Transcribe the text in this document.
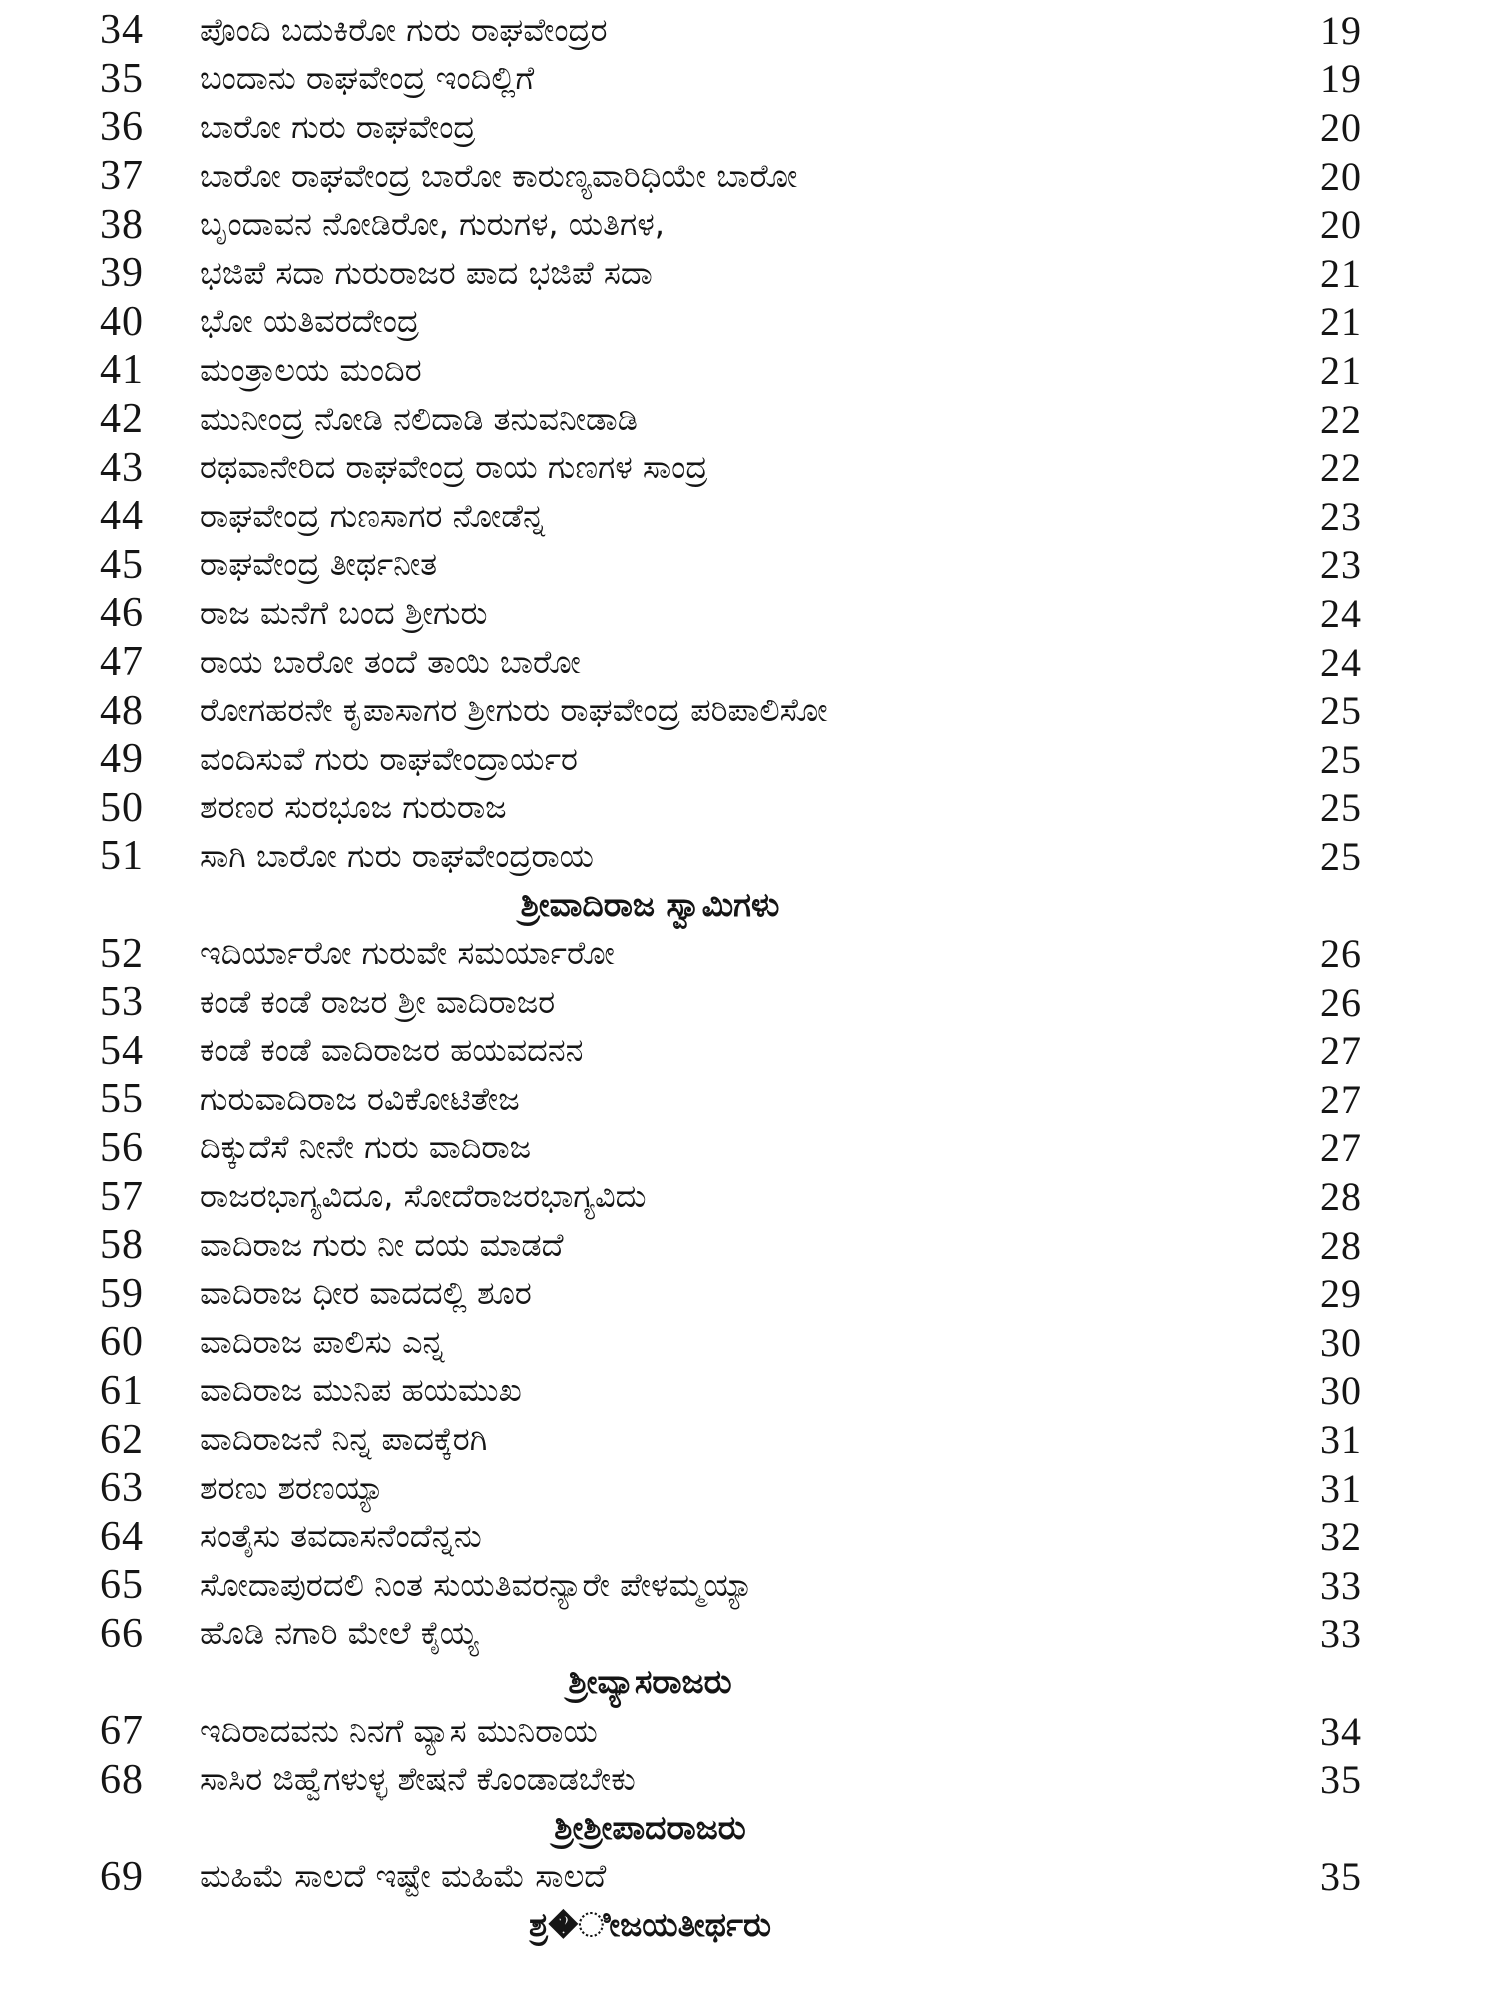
34	ಪೊಂದಿ ಬದುಕಿರೋ ಗುರು ರಾಘವೇಂದ್ರರ	19
35	ಬಂದಾನು ರಾಘವೇಂದ್ರ ಇಂದಿಲ್ಲಿಗೆ	19
36	ಬಾರೋ ಗುರು ರಾಘವೇಂದ್ರ	20
37	ಬಾರೋ ರಾಘವೇಂದ್ರ ಬಾರೋ ಕಾರುಣ್ಯವಾರಿಧಿಯೇ ಬಾರೋ	20
38	ಬೃಂದಾವನ ನೋಡಿರೋ, ಗುರುಗಳ, ಯತಿಗಳ,	20
39	ಭಜಿಪೆ ಸದಾ ಗುರುರಾಜರ ಪಾದ ಭಜಿಪೆ ಸದಾ	21
40	ಭೋ ಯತಿವರದೇಂದ್ರ	21
41	ಮಂತ್ರಾಲಯ ಮಂದಿರ	21
42	ಮುನೀಂದ್ರ ನೋಡಿ ನಲಿದಾಡಿ ತನುವನೀಡಾಡಿ	22
43	ರಥವಾನೇರಿದ ರಾಘವೇಂದ್ರ ರಾಯ ಗುಣಗಳ ಸಾಂದ್ರ	22
44	ರಾಘವೇಂದ್ರ ಗುಣಸಾಗರ ನೋಡೆನ್ನ	23
45	ರಾಘವೇಂದ್ರ ತೀರ್ಥನೀತ	23
46	ರಾಜ ಮನೆಗೆ ಬಂದ ಶ್ರೀಗುರು	24
47	ರಾಯ ಬಾರೋ ತಂದೆ ತಾಯಿ ಬಾರೋ	24
48	ರೋಗಹರನೇ ಕೃಪಾಸಾಗರ ಶ್ರೀಗುರು ರಾಘವೇಂದ್ರ ಪರಿಪಾಲಿಸೋ	25
49	ವಂದಿಸುವೆ ಗುರು ರಾಘವೇಂದ್ರಾರ್ಯರ	25
50	ಶರಣರ ಸುರಭೂಜ ಗುರುರಾಜ	25
51	ಸಾಗಿ ಬಾರೋ ಗುರು ರಾಘವೇಂದ್ರರಾಯ	25
ಶ್ರೀವಾದಿರಾಜ ಸ್ವಾಮಿಗಳು
52	ಇದಿರ್ಯಾರೋ ಗುರುವೇ ಸಮರ್ಯಾರೋ	26
53	ಕಂಡೆ ಕಂಡೆ ರಾಜರ ಶ್ರೀ ವಾದಿರಾಜರ	26
54	ಕಂಡೆ ಕಂಡೆ ವಾದಿರಾಜರ ಹಯವದನನ	27
55	ಗುರುವಾದಿರಾಜ ರವಿಕೋಟಿತೇಜ	27
56	ದಿಕ್ಕುದೆಸೆ ನೀನೇ ಗುರು ವಾದಿರಾಜ	27
57	ರಾಜರಭಾಗ್ಯವಿದೂ, ಸೋದೆರಾಜರಭಾಗ್ಯವಿದು	28
58	ವಾದಿರಾಜ ಗುರು ನೀ ದಯ ಮಾಡದೆ	28
59	ವಾದಿರಾಜ ಧೀರ ವಾದದಲ್ಲಿ ಶೂರ	29
60	ವಾದಿರಾಜ ಪಾಲಿಸು ಎನ್ನ	30
61	ವಾದಿರಾಜ ಮುನಿಪ ಹಯಮುಖ	30
62	ವಾದಿರಾಜನೆ ನಿನ್ನ ಪಾದಕ್ಕೆರಗಿ	31
63	ಶರಣು ಶರಣಯ್ಯಾ	31
64	ಸಂತೈಸು ತವದಾಸನೆಂದೆನ್ನನು	32
65	ಸೋದಾಪುರದಲಿ ನಿಂತ ಸುಯತಿವರನ್ಯಾರೇ ಪೇಳಮ್ಮಯ್ಯಾ	33
66	ಹೊಡಿ ನಗಾರಿ ಮೇಲೆ ಕೈಯ್ಯ	33
ಶ್ರೀವ್ಯಾಸರಾಜರು
67	ಇದಿರಾದವನು ನಿನಗೆ ವ್ಯಾಸ ಮುನಿರಾಯ	34
68	ಸಾಸಿರ ಜಿಹ್ವೆಗಳುಳ್ಳ ಶೇಷನೆ ಕೊಂಡಾಡಬೇಕು	35
ಶ್ರೀಶ್ರೀಪಾದರಾಜರು
69	ಮಹಿಮೆ ಸಾಲದೆ ಇಷ್ಟೇ ಮಹಿಮೆ ಸಾಲದೆ	35
ಶ್ರ�ೀಜಯತೀರ್ಥರು
